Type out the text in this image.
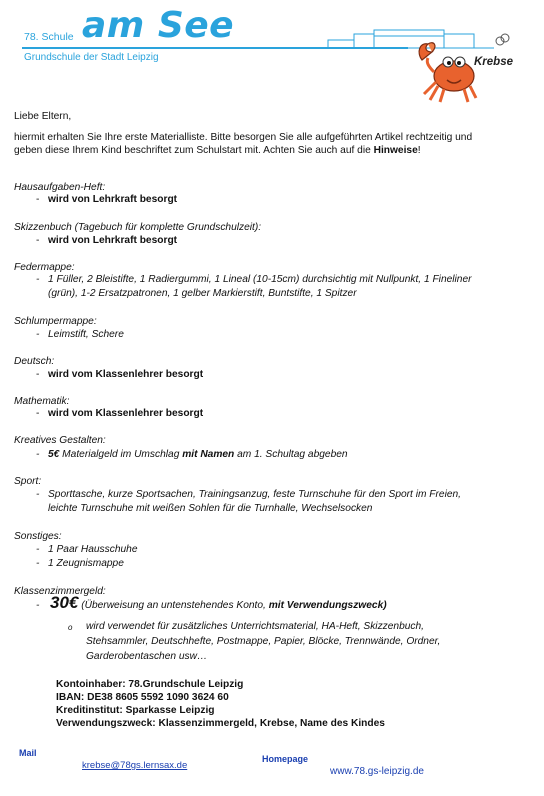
78. Schule am See
Grundschule der Stadt Leipzig	Krebse
Liebe Eltern,
hiermit erhalten Sie Ihre erste Materialliste. Bitte besorgen Sie alle aufgeführten Artikel rechtzeitig und
geben diese Ihrem Kind beschriftet zum Schulstart mit. Achten Sie auch auf die Hinweise!
Hausaufgaben-Heft:
- wird von Lehrkraft besorgt
Skizzenbuch (Tagebuch für komplette Grundschulzeit):
- wird von Lehrkraft besorgt
Federmappe:
- 1 Füller, 2 Bleistifte, 1 Radiergummi, 1 Lineal (10-15cm) durchsichtig mit Nullpunkt, 1 Fineliner
(grün), 1-2 Ersatzpatronen, 1 gelber Markierstift, Buntstifte, 1 Spitzer
Schlumpermappe:
- Leimstift, Schere
Deutsch:
- wird vom Klassenlehrer besorgt
Mathematik:
- wird vom Klassenlehrer besorgt
Kreatives Gestalten:
- 5€ Materialgeld im Umschlag mit Namen am 1. Schultag abgeben
Sport:
- Sporttasche, kurze Sportsachen, Trainingsanzug, feste Turnschuhe für den Sport im Freien,
leichte Turnschuhe mit weißen Sohlen für die Turnhalle, Wechselsocken
Sonstiges:
- 1 Paar Hausschuhe
- 1 Zeugnismappe
Klassenzimmergeld:
- 30€ (Überweisung an untenstehendes Konto, mit Verwendungszweck)
o wird verwendet für zusätzliches Unterrichtsmaterial, HA-Heft, Skizzenbuch,
Stehsammler, Deutschhefte, Postmappe, Papier, Blöcke, Trennwände, Ordner,
Garderobentaschen usw…
Kontoinhaber: 78.Grundschule Leipzig
IBAN: DE38 8605 5592 1090 3624 60
Kreditinstitut: Sparkasse Leipzig
Verwendungszweck: Klassenzimmergeld, Krebse, Name des Kindes
Mail
krebse@78gs.lernsax.de
Homepage
www.78.gs-leipzig.de
